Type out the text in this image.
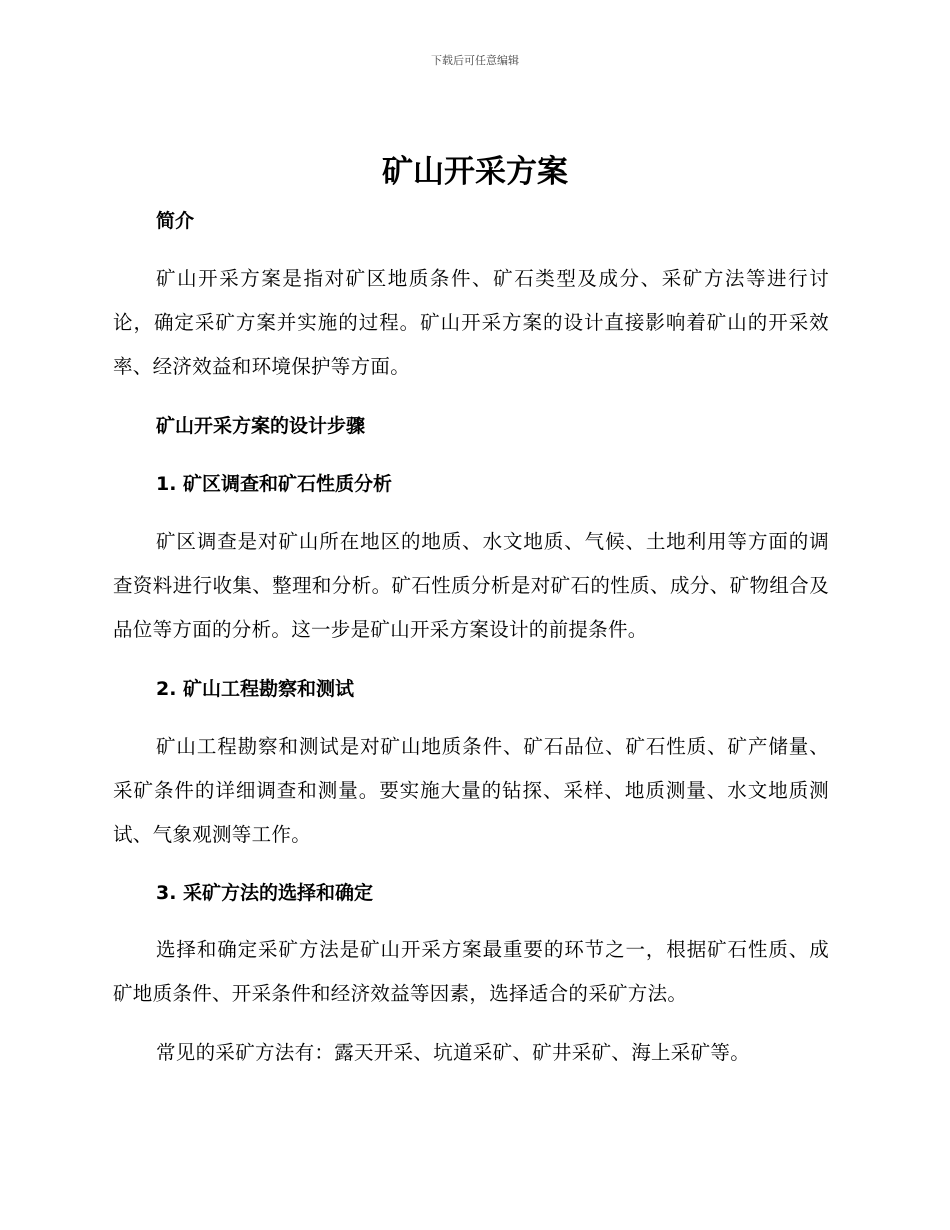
下载后可任意编辑
矿山开采方案
简介

矿山开采方案是指对矿区地质条件、矿石类型及成分、采矿方法等进行讨论，确定采矿方案并实施的过程。矿山开采方案的设计直接影响着矿山的开采效率、经济效益和环境保护等方面。

矿山开采方案的设计步骤
1. 矿区调查和矿石性质分析

矿区调查是对矿山所在地区的地质、水文地质、气候、土地利用等方面的调查资料进行收集、整理和分析。矿石性质分析是对矿石的性质、成分、矿物组合及品位等方面的分析。这一步是矿山开采方案设计的前提条件。

2. 矿山工程勘察和测试

矿山工程勘察和测试是对矿山地质条件、矿石品位、矿石性质、矿产储量、采矿条件的详细调查和测量。要实施大量的钻探、采样、地质测量、水文地质测试、气象观测等工作。

3. 采矿方法的选择和确定

选择和确定采矿方法是矿山开采方案最重要的环节之一，根据矿石性质、成矿地质条件、开采条件和经济效益等因素，选择适合的采矿方法。

常见的采矿方法有：露天开采、坑道采矿、矿井采矿、海上采矿等。
